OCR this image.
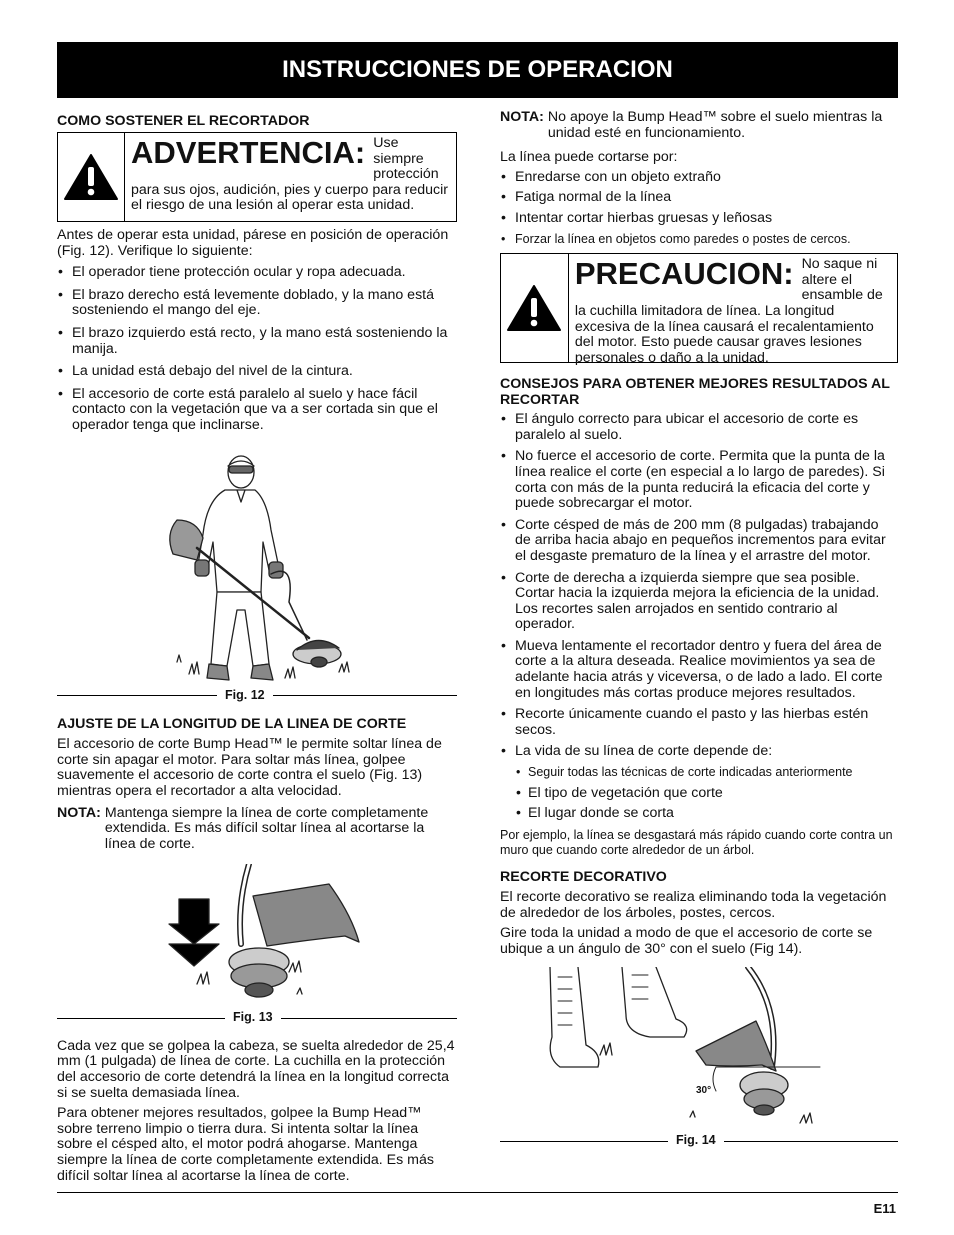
INSTRUCCIONES DE OPERACION
COMO SOSTENER EL RECORTADOR
ADVERTENCIA: Use siempre protección para sus ojos, audición, pies y cuerpo para reducir el riesgo de una lesión al operar esta unidad.

Antes de operar esta unidad, párese en posición de operación (Fig. 12). Verifique lo siguiente:

• El operador tiene protección ocular y ropa adecuada.
• El brazo derecho está levemente doblado, y la mano está sosteniendo el mango del eje.
• El brazo izquierdo está recto, y la mano está sosteniendo la manija.
• La unidad está debajo del nivel de la cintura.
• El accesorio de corte está paralelo al suelo y hace fácil contacto con la vegetación que va a ser cortada sin que el operador tenga que inclinarse.
Fig. 12
AJUSTE DE LA LONGITUD DE LA LINEA DE CORTE

El accesorio de corte Bump Head™ le permite soltar línea de corte sin apagar el motor. Para soltar más línea, golpee suavemente el accesorio de corte contra el suelo (Fig. 13) mientras opera el recortador a alta velocidad.

NOTA: Mantenga siempre la línea de corte completamente extendida. Es más difícil soltar línea al acortarse la línea de corte.
Fig. 13

Cada vez que se golpea la cabeza, se suelta alrededor de 25,4 mm (1 pulgada) de línea de corte. La cuchilla en la protección del accesorio de corte detendrá la línea en la longitud correcta si se suelta demasiada línea.

Para obtener mejores resultados, golpee la Bump Head™ sobre terreno limpio o tierra dura. Si intenta soltar la línea sobre el césped alto, el motor podrá ahogarse. Mantenga siempre la línea de corte completamente extendida. Es más difícil soltar línea al acortarse la línea de corte.

NOTA: No apoye la Bump Head™ sobre el suelo mientras la unidad esté en funcionamiento.

La línea puede cortarse por:

• Enredarse con un objeto extraño
• Fatiga normal de la línea
• Intentar cortar hierbas gruesas y leñosas
• Forzar la línea en objetos como paredes o postes de cercos.
PRECAUCION: No saque ni altere el ensamble de la cuchilla limitadora de línea. La longitud excesiva de la línea causará el recalentamiento del motor. Esto puede causar graves lesiones personales o daño a la unidad.
CONSEJOS PARA OBTENER MEJORES RESULTADOS AL RECORTAR
• El ángulo correcto para ubicar el accesorio de corte es paralelo al suelo.
• No fuerce el accesorio de corte. Permita que la punta de la línea realice el corte (en especial a lo largo de paredes). Si corta con más de la punta reducirá la eficacia del corte y puede sobrecargar el motor.
• Corte césped de más de 200 mm (8 pulgadas) trabajando de arriba hacia abajo en pequeños incrementos para evitar el desgaste prematuro de la línea y el arrastre del motor.
• Corte de derecha a izquierda siempre que sea posible. Cortar hacia la izquierda mejora la eficiencia de la unidad. Los recortes salen arrojados en sentido contrario al operador.
• Mueva lentamente el recortador dentro y fuera del área de corte a la altura deseada. Realice movimientos ya sea de adelante hacia atrás y viceversa, o de lado a lado. El corte en longitudes más cortas produce mejores resultados.
• Recorte únicamente cuando el pasto y las hierbas estén secos.
• La vida de su línea de corte depende de:
• Seguir todas las técnicas de corte indicadas anteriormente
• El tipo de vegetación que corte
• El lugar donde se corta

Por ejemplo, la línea se desgastará más rápido cuando corte contra un muro que cuando corte alrededor de un árbol.

RECORTE DECORATIVO

El recorte decorativo se realiza eliminando toda la vegetación de alrededor de los árboles, postes, cercos.

Gire toda la unidad a modo de que el accesorio de corte se ubique a un ángulo de 30° con el suelo (Fig 14).

30°
Fig. 14
E11
